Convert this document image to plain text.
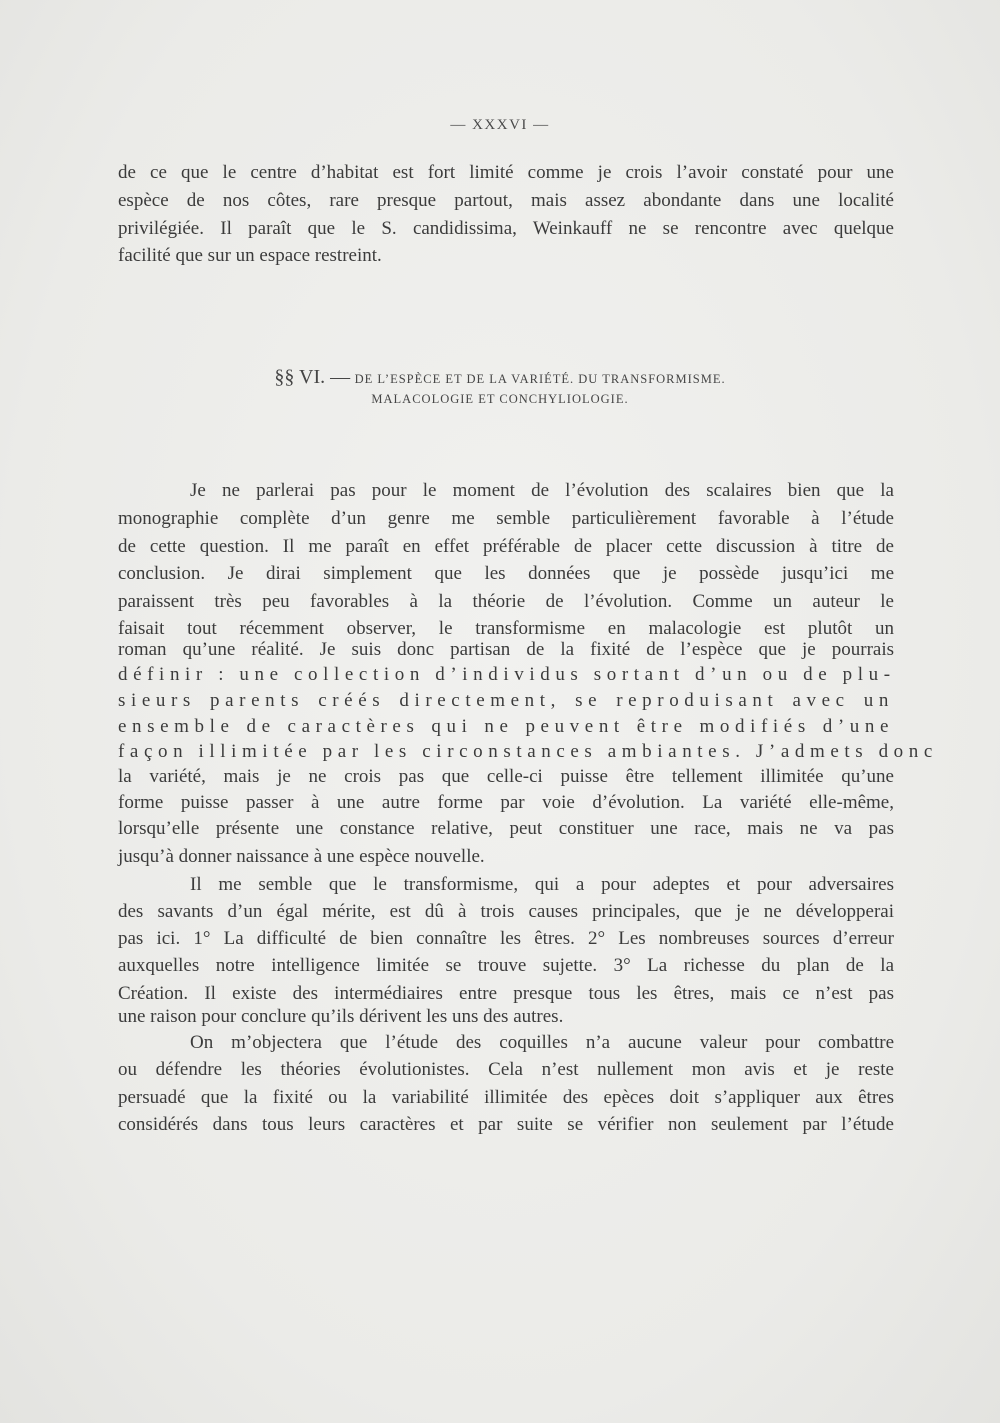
— XXXVI —
de ce que le centre d’habitat est fort limité comme je crois l’avoir constaté pour une
espèce de nos côtes, rare presque partout, mais assez abondante dans une localité
privilégiée. Il paraît que le S. candidissima, Weinkauff ne se rencontre avec quelque
facilité que sur un espace restreint.
§§ VI. — DE L’ESPÈCE ET DE LA VARIÉTÉ. DU TRANSFORMISME.
MALACOLOGIE ET CONCHYLIOLOGIE.
Je ne parlerai pas pour le moment de l’évolution des scalaires bien que la
monographie complète d’un genre me semble particulièrement favorable à l’étude
de cette question. Il me paraît en effet préférable de placer cette discussion à titre de
conclusion. Je dirai simplement que les données que je possède jusqu’ici me
paraissent très peu favorables à la théorie de l’évolution. Comme un auteur le
faisait tout récemment observer, le transformisme en malacologie est plutôt un
roman qu’une réalité. Je suis donc partisan de la fixité de l’espèce que je pourrais
définir : une collection d’individus sortant d’un ou de plu-
sieurs parents créés directement, se reproduisant avec un
ensemble de caractères qui ne peuvent être modifiés d’une
façon illimitée par les circonstances ambiantes. J’admets donc
la variété, mais je ne crois pas que celle-ci puisse être tellement illimitée qu’une
forme puisse passer à une autre forme par voie d’évolution. La variété elle-même,
lorsqu’elle présente une constance relative, peut constituer une race, mais ne va pas
jusqu’à donner naissance à une espèce nouvelle.
Il me semble que le transformisme, qui a pour adeptes et pour adversaires
des savants d’un égal mérite, est dû à trois causes principales, que je ne développerai
pas ici. 1° La difficulté de bien connaître les êtres. 2° Les nombreuses sources d’erreur
auxquelles notre intelligence limitée se trouve sujette. 3° La richesse du plan de la
Création. Il existe des intermédiaires entre presque tous les êtres, mais ce n’est pas
une raison pour conclure qu’ils dérivent les uns des autres.
On m’objectera que l’étude des coquilles n’a aucune valeur pour combattre
ou défendre les théories évolutionistes. Cela n’est nullement mon avis et je reste
persuadé que la fixité ou la variabilité illimitée des epèces doit s’appliquer aux êtres
considérés dans tous leurs caractères et par suite se vérifier non seulement par l’étude
